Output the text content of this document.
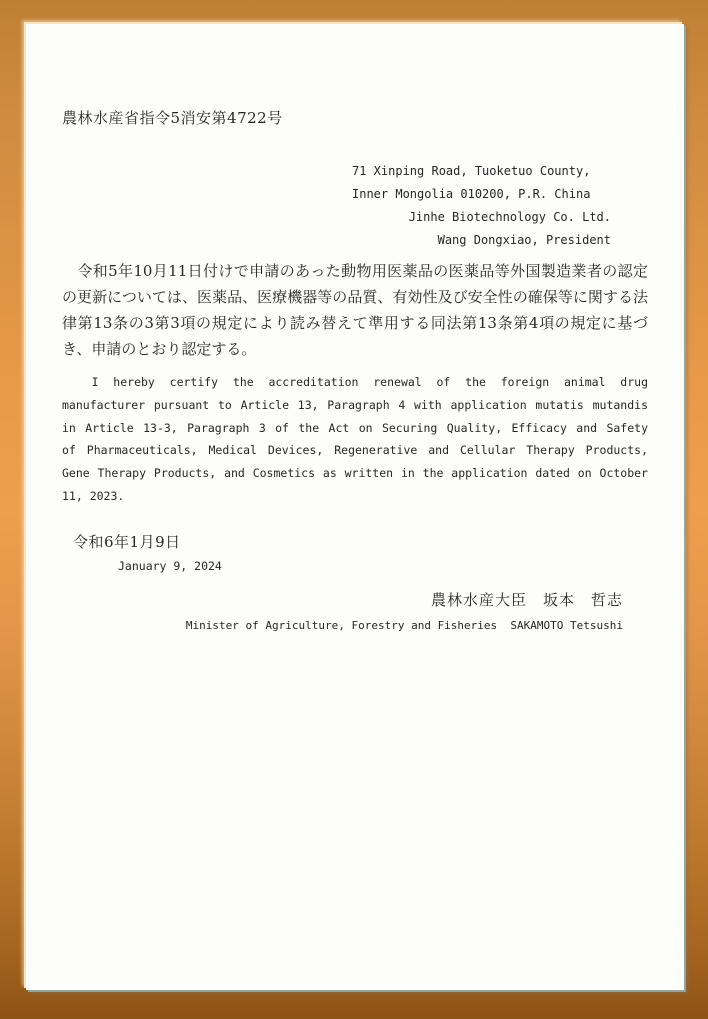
農林水産省指令5消安第4722号
71 Xinping Road, Tuoketuo County,
Inner Mongolia 010200, P.R. China
Jinhe Biotechnology Co. Ltd.
Wang Dongxiao, President
　令和5年10月11日付けで申請のあった動物用医薬品の医薬品等外国製造業者の認定
の更新については、医薬品、医療機器等の品質、有効性及び安全性の確保等に関する法
律第13条の3第3項の規定により読み替えて準用する同法第13条第4項の規定に基づ
き、申請のとおり認定する。
I hereby certify the accreditation renewal of the foreign animal drug
manufacturer pursuant to Article 13, Paragraph 4 with application mutatis mutandis
in Article 13-3, Paragraph 3 of the Act on Securing Quality, Efficacy and Safety
of Pharmaceuticals, Medical Devices, Regenerative and Cellular Therapy Products,
Gene Therapy Products, and Cosmetics as written in the application dated on October
11, 2023.
令和6年1月9日
January 9, 2024
農林水産大臣　坂本　哲志
Minister of Agriculture, Forestry and Fisheries  SAKAMOTO Tetsushi
